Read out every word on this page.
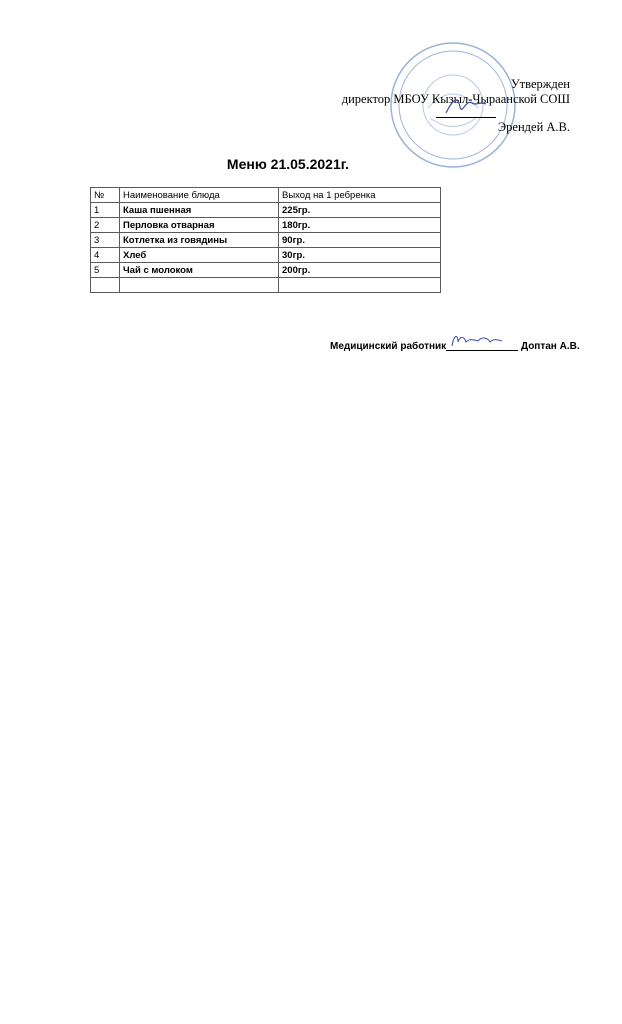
Утвержден
директор МБОУ Кызыл-Чыраанской СОШ
Эрендей А.В.
Меню 21.05.2021г.
№	Наименование блюда	Выход на 1 ребренка
1	Каша пшенная	225гр.
2	Перловка отварная	180гр.
3	Котлетка из говядины	90гр.
4	Хлеб	30гр.
5	Чай с молоком	200гр.

Медицинский работник	Доптан А.В.
